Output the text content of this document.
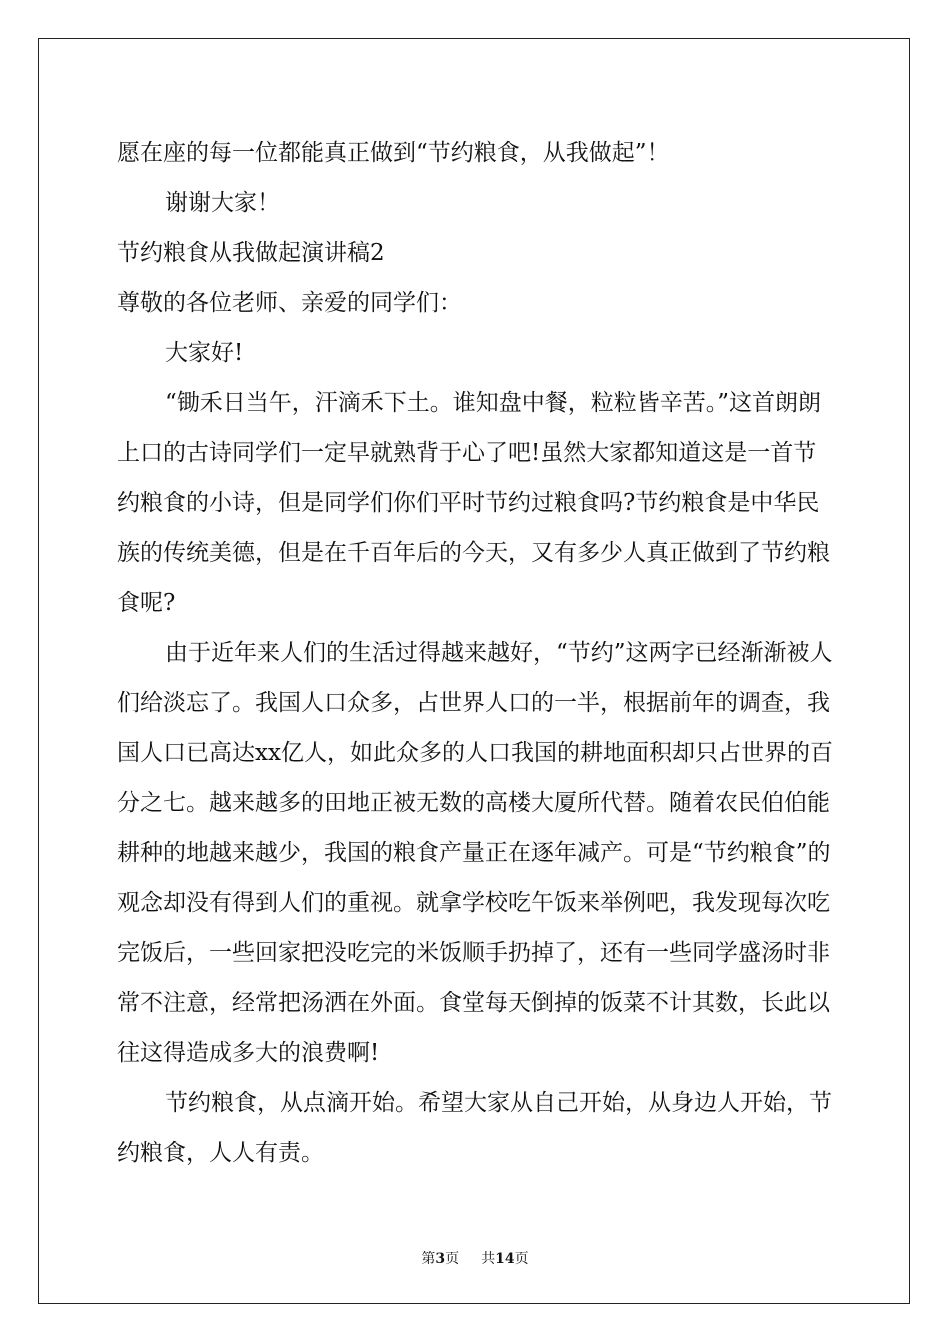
愿在座的每一位都能真正做到“节约粮食，从我做起”！

谢谢大家！

节约粮食从我做起演讲稿2

尊敬的各位老师、亲爱的同学们：

大家好!

“锄禾日当午，汗滴禾下土。谁知盘中餐，粒粒皆辛苦。”这首朗朗上口的古诗同学们一定早就熟背于心了吧!虽然大家都知道这是一首节约粮食的小诗，但是同学们你们平时节约过粮食吗?节约粮食是中华民族的传统美德，但是在千百年后的今天，又有多少人真正做到了节约粮食呢?

由于近年来人们的生活过得越来越好，“节约”这两字已经渐渐被人们给淡忘了。我国人口众多，占世界人口的一半，根据前年的调查，我国人口已高达xx亿人，如此众多的人口我国的耕地面积却只占世界的百分之七。越来越多的田地正被无数的高楼大厦所代替。随着农民伯伯能耕种的地越来越少，我国的粮食产量正在逐年减产。可是“节约粮食”的观念却没有得到人们的重视。就拿学校吃午饭来举例吧，我发现每次吃完饭后，一些回家把没吃完的米饭顺手扔掉了，还有一些同学盛汤时非常不注意，经常把汤洒在外面。食堂每天倒掉的饭菜不计其数，长此以往这得造成多大的浪费啊!

节约粮食，从点滴开始。希望大家从自己开始，从身边人开始，节约粮食，人人有责。

第3页 共14页
